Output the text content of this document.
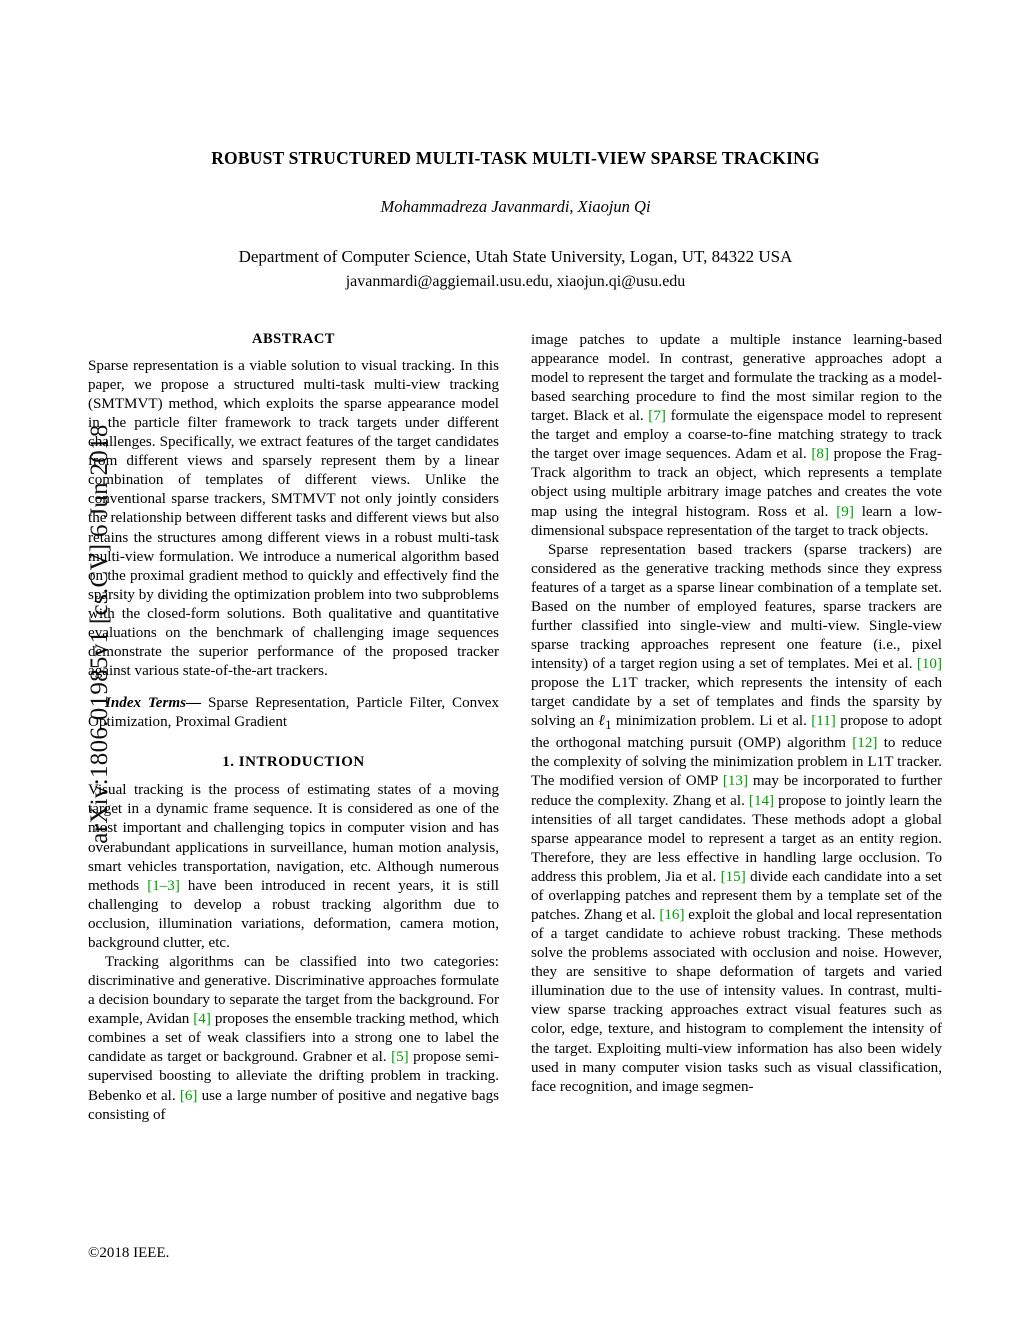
arXiv:1806.01985v1 [cs.CV] 6 Jun 2018
ROBUST STRUCTURED MULTI-TASK MULTI-VIEW SPARSE TRACKING
Mohammadreza Javanmardi, Xiaojun Qi
Department of Computer Science, Utah State University, Logan, UT, 84322 USA
javanmardi@aggiemail.usu.edu, xiaojun.qi@usu.edu
ABSTRACT

Sparse representation is a viable solution to visual tracking. In this paper, we propose a structured multi-task multi-view tracking (SMTMVT) method, which exploits the sparse appearance model in the particle filter framework to track targets under different challenges. Specifically, we extract features of the target candidates from different views and sparsely represent them by a linear combination of templates of different views. Unlike the conventional sparse trackers, SMTMVT not only jointly considers the relationship between different tasks and different views but also retains the structures among different views in a robust multi-task multi-view formulation. We introduce a numerical algorithm based on the proximal gradient method to quickly and effectively find the sparsity by dividing the optimization problem into two subproblems with the closed-form solutions. Both qualitative and quantitative evaluations on the benchmark of challenging image sequences demonstrate the superior performance of the proposed tracker against various state-of-the-art trackers.

Index Terms— Sparse Representation, Particle Filter, Convex Optimization, Proximal Gradient

1. INTRODUCTION

Visual tracking is the process of estimating states of a moving target in a dynamic frame sequence. It is considered as one of the most important and challenging topics in computer vision and has overabundant applications in surveillance, human motion analysis, smart vehicles transportation, navigation, etc. Although numerous methods [1–3] have been introduced in recent years, it is still challenging to develop a robust tracking algorithm due to occlusion, illumination variations, deformation, camera motion, background clutter, etc.

Tracking algorithms can be classified into two categories: discriminative and generative. Discriminative approaches formulate a decision boundary to separate the target from the background. For example, Avidan [4] proposes the ensemble tracking method, which combines a set of weak classifiers into a strong one to label the candidate as target or background. Grabner et al. [5] propose semi-supervised boosting to alleviate the drifting problem in tracking. Bebenko et al. [6] use a large number of positive and negative bags consisting of

image patches to update a multiple instance learning-based appearance model. In contrast, generative approaches adopt a model to represent the target and formulate the tracking as a model-based searching procedure to find the most similar region to the target. Black et al. [7] formulate the eigenspace model to represent the target and employ a coarse-to-fine matching strategy to track the target over image sequences. Adam et al. [8] propose the Frag-Track algorithm to track an object, which represents a template object using multiple arbitrary image patches and creates the vote map using the integral histogram. Ross et al. [9] learn a low-dimensional subspace representation of the target to track objects.

Sparse representation based trackers (sparse trackers) are considered as the generative tracking methods since they express features of a target as a sparse linear combination of a template set. Based on the number of employed features, sparse trackers are further classified into single-view and multi-view. Single-view sparse tracking approaches represent one feature (i.e., pixel intensity) of a target region using a set of templates. Mei et al. [10] propose the L1T tracker, which represents the intensity of each target candidate by a set of templates and finds the sparsity by solving an ℓ$_1$ minimization problem. Li et al. [11] propose to adopt the orthogonal matching pursuit (OMP) algorithm [12] to reduce the complexity of solving the minimization problem in L1T tracker. The modified version of OMP [13] may be incorporated to further reduce the complexity. Zhang et al. [14] propose to jointly learn the intensities of all target candidates. These methods adopt a global sparse appearance model to represent a target as an entity region. Therefore, they are less effective in handling large occlusion. To address this problem, Jia et al. [15] divide each candidate into a set of overlapping patches and represent them by a template set of the patches. Zhang et al. [16] exploit the global and local representation of a target candidate to achieve robust tracking. These methods solve the problems associated with occlusion and noise. However, they are sensitive to shape deformation of targets and varied illumination due to the use of intensity values. In contrast, multi-view sparse tracking approaches extract visual features such as color, edge, texture, and histogram to complement the intensity of the target. Exploiting multi-view information has also been widely used in many computer vision tasks such as visual classification, face recognition, and image segmen-

©2018 IEEE.
